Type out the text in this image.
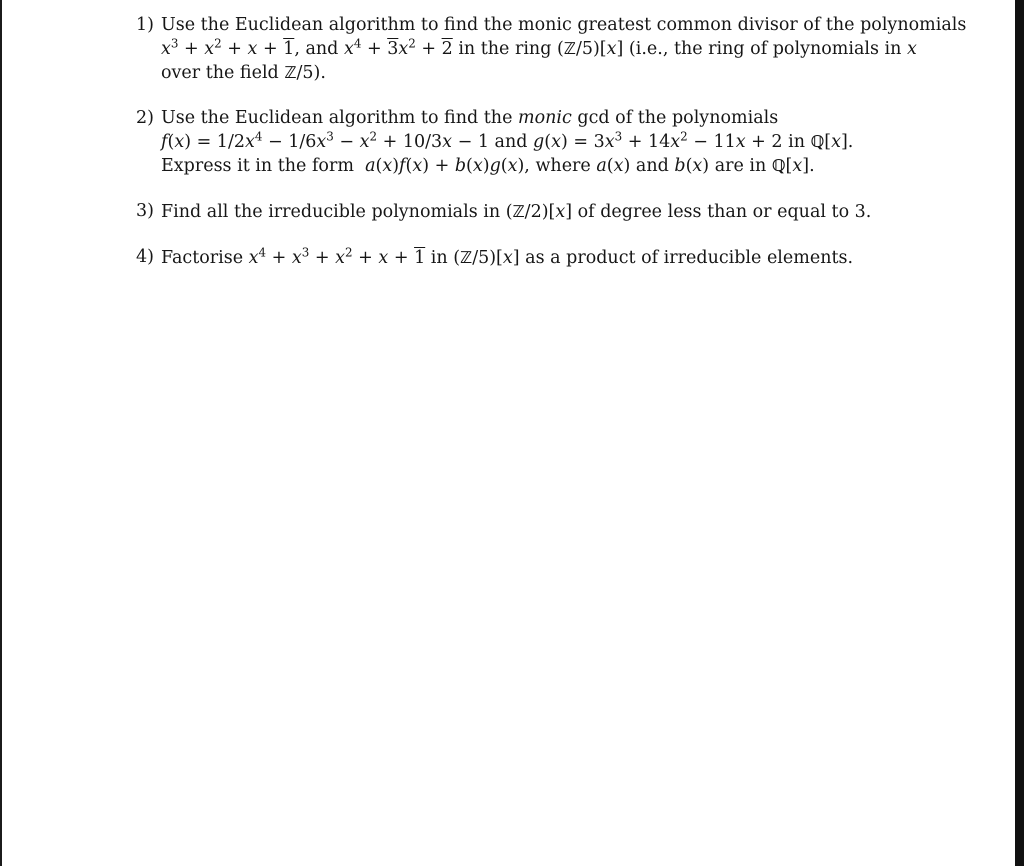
1) Use the Euclidean algorithm to find the monic greatest common divisor of the polynomials
$x^3 + x^2 + x + 1$, and $x^4 + 3x^2 + 2$ in the ring (ℤ/5)[x] (i.e., the ring of polynomials in x
over the field ℤ/5).
2) Use the Euclidean algorithm to find the monic gcd of the polynomials
$f(x) = 1/2x^4 - 1/6x^3 - x^2 + 10/3x - 1$ and $g(x) = 3x^3 + 14x^2 - 11x + 2$ in ℚ[x].
Express it in the form a(x)f(x) + b(x)g(x), where a(x) and b(x) are in ℚ[x].
3) Find all the irreducible polynomials in (ℤ/2)[x] of degree less than or equal to 3.
4) Factorise $x^4 + x^3 + x^2 + x + 1$ in (ℤ/5)[x] as a product of irreducible elements.
